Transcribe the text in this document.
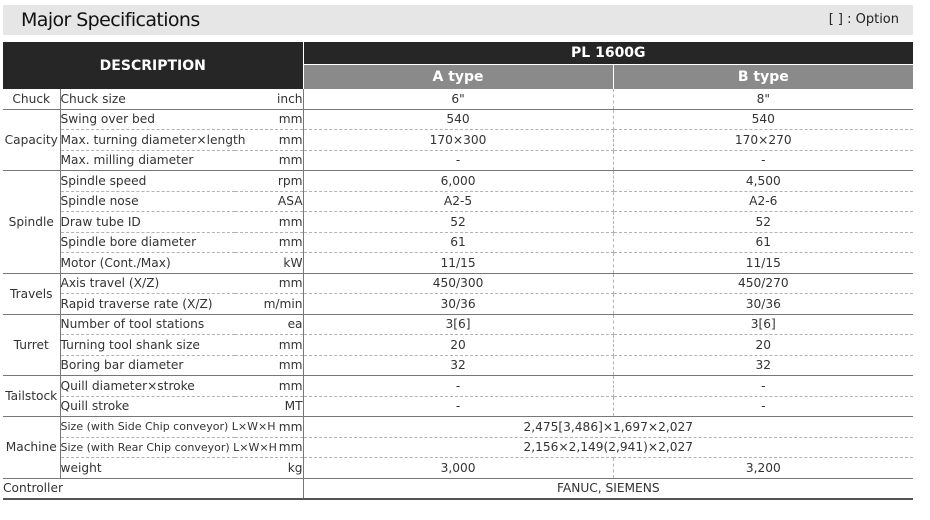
Major Specifications	[ ] : Option
DESCRIPTION			PL 1600G	
			A type	B type
Chuck	Chuck size	inch	6"	8"
Capacity	Swing over bed	mm	540	540
	Max. turning diameter×length	mm	170×300	170×270
	Max. milling diameter	mm	-	-
Spindle	Spindle speed	rpm	6,000	4,500
	Spindle nose	ASA	A2-5	A2-6
	Draw tube ID	mm	52	52
	Spindle bore diameter	mm	61	61
	Motor (Cont./Max)	kW	11/15	11/15
Travels	Axis travel (X/Z)	mm	450/300	450/270
	Rapid traverse rate (X/Z)	m/min	30/36	30/36
Turret	Number of tool stations	ea	3[6]	3[6]
	Turning tool shank size	mm	20	20
	Boring bar diameter	mm	32	32
Tailstock	Quill diameter×stroke	mm	-	-
	Quill stroke	MT	-	-
Machine	Size (with Side Chip conveyor) L×W×H	mm	2,475[3,486]×1,697×2,027	
	Size (with Rear Chip conveyor) L×W×H	mm	2,156×2,149(2,941)×2,027	
	weight	kg	3,000	3,200
Controller			FANUC, SIEMENS	
